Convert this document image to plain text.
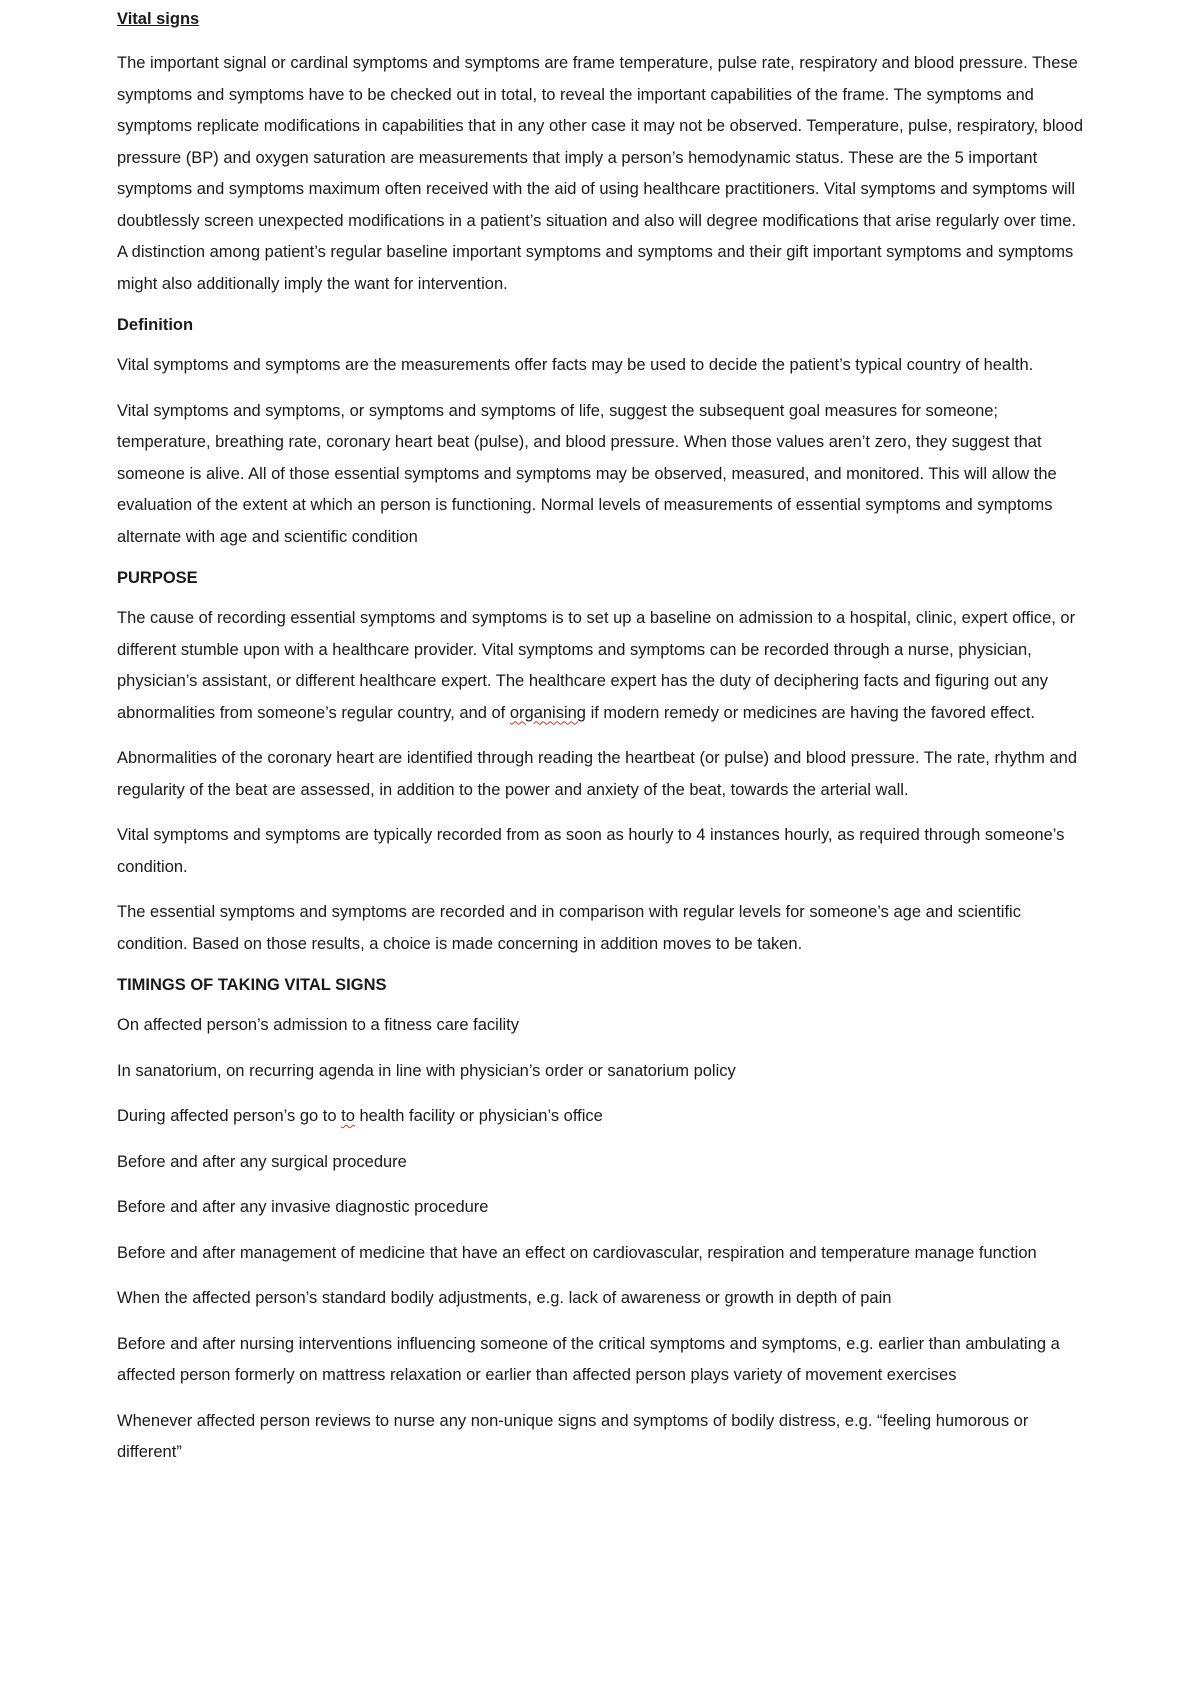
Vital signs

The important signal or cardinal symptoms and symptoms are frame temperature, pulse rate, respiratory and blood pressure. These symptoms and symptoms have to be checked out in total, to reveal the important capabilities of the frame. The symptoms and symptoms replicate modifications in capabilities that in any other case it may not be observed. Temperature, pulse, respiratory, blood pressure (BP) and oxygen saturation are measurements that imply a person’s hemodynamic status. These are the 5 important symptoms and symptoms maximum often received with the aid of using healthcare practitioners. Vital symptoms and symptoms will doubtlessly screen unexpected modifications in a patient’s situation and also will degree modifications that arise regularly over time. A distinction among patient’s regular baseline important symptoms and symptoms and their gift important symptoms and symptoms might also additionally imply the want for intervention.

Definition

Vital symptoms and symptoms are the measurements offer facts may be used to decide the patient’s typical country of health.

Vital symptoms and symptoms, or symptoms and symptoms of life, suggest the subsequent goal measures for someone; temperature, breathing rate, coronary heart beat (pulse), and blood pressure. When those values aren’t zero, they suggest that someone is alive. All of those essential symptoms and symptoms may be observed, measured, and monitored. This will allow the evaluation of the extent at which an person is functioning. Normal levels of measurements of essential symptoms and symptoms alternate with age and scientific condition

PURPOSE

The cause of recording essential symptoms and symptoms is to set up a baseline on admission to a hospital, clinic, expert office, or different stumble upon with a healthcare provider. Vital symptoms and symptoms can be recorded through a nurse, physician, physician’s assistant, or different healthcare expert. The healthcare expert has the duty of deciphering facts and figuring out any abnormalities from someone’s regular country, and of organising if modern remedy or medicines are having the favored effect.

Abnormalities of the coronary heart are identified through reading the heartbeat (or pulse) and blood pressure. The rate, rhythm and regularity of the beat are assessed, in addition to the power and anxiety of the beat, towards the arterial wall.

Vital symptoms and symptoms are typically recorded from as soon as hourly to 4 instances hourly, as required through someone’s condition.

The essential symptoms and symptoms are recorded and in comparison with regular levels for someone’s age and scientific condition. Based on those results, a choice is made concerning in addition moves to be taken.

TIMINGS OF TAKING VITAL SIGNS

On affected person’s admission to a fitness care facility

In sanatorium, on recurring agenda in line with physician’s order or sanatorium policy

During affected person’s go to to health facility or physician’s office

Before and after any surgical procedure

Before and after any invasive diagnostic procedure

Before and after management of medicine that have an effect on cardiovascular, respiration and temperature manage function

When the affected person’s standard bodily adjustments, e.g. lack of awareness or growth in depth of pain

Before and after nursing interventions influencing someone of the critical symptoms and symptoms, e.g. earlier than ambulating a affected person formerly on mattress relaxation or earlier than affected person plays variety of movement exercises

Whenever affected person reviews to nurse any non-unique signs and symptoms of bodily distress, e.g. “feeling humorous or different”
